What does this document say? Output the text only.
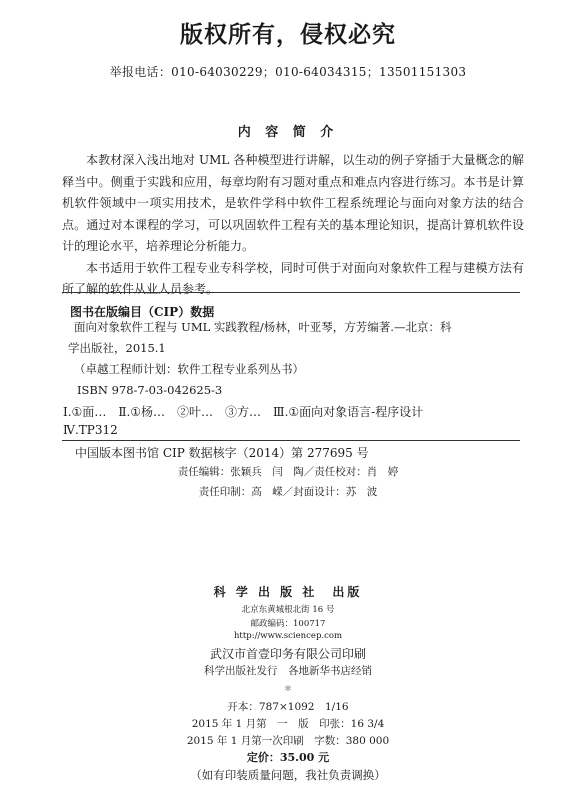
版权所有，侵权必究
举报电话：010-64030229；010-64034315；13501151303
内 容 简 介

本教材深入浅出地对 UML 各种模型进行讲解，以生动的例子穿插于大量概念的解释当中。侧重于实践和应用，每章均附有习题对重点和难点内容进行练习。本书是计算机软件领域中一项实用技术，是软件学科中软件工程系统理论与面向对象方法的结合点。通过对本课程的学习，可以巩固软件工程有关的基本理论知识，提高计算机软件设计的理论水平，培养理论分析能力。

本书适用于软件工程专业专科学校，同时可供于对面向对象软件工程与建模方法有所了解的软件从业人员参考。

图书在版编目（CIP）数据
面向对象软件工程与 UML 实践教程/杨林，叶亚琴，方芳编著.—北京：科
学出版社，2015.1
（卓越工程师计划：软件工程专业系列丛书）
ISBN 978-7-03-042625-3
Ⅰ.①面…　Ⅱ.①杨…　②叶…　③方…　Ⅲ.①面向对象语言-程序设计
Ⅳ.TP312
中国版本图书馆 CIP 数据核字（2014）第 277695 号
责任编辑：张颖兵　闫　陶／责任校对：肖　婷
责任印制：高　嵘／封面设计：苏　波
科 学 出 版 社　出版
北京东黄城根北街 16 号
邮政编码：100717
http://www.sciencep.com
武汉市首壹印务有限公司印刷
科学出版社发行　各地新华书店经销
＊
开本：787×1092　1/16
2015 年 1 月第　一　版　印张：16 3/4
2015 年 1 月第一次印刷　字数：380 000
定价：35.00 元
（如有印装质量问题，我社负责调换）
